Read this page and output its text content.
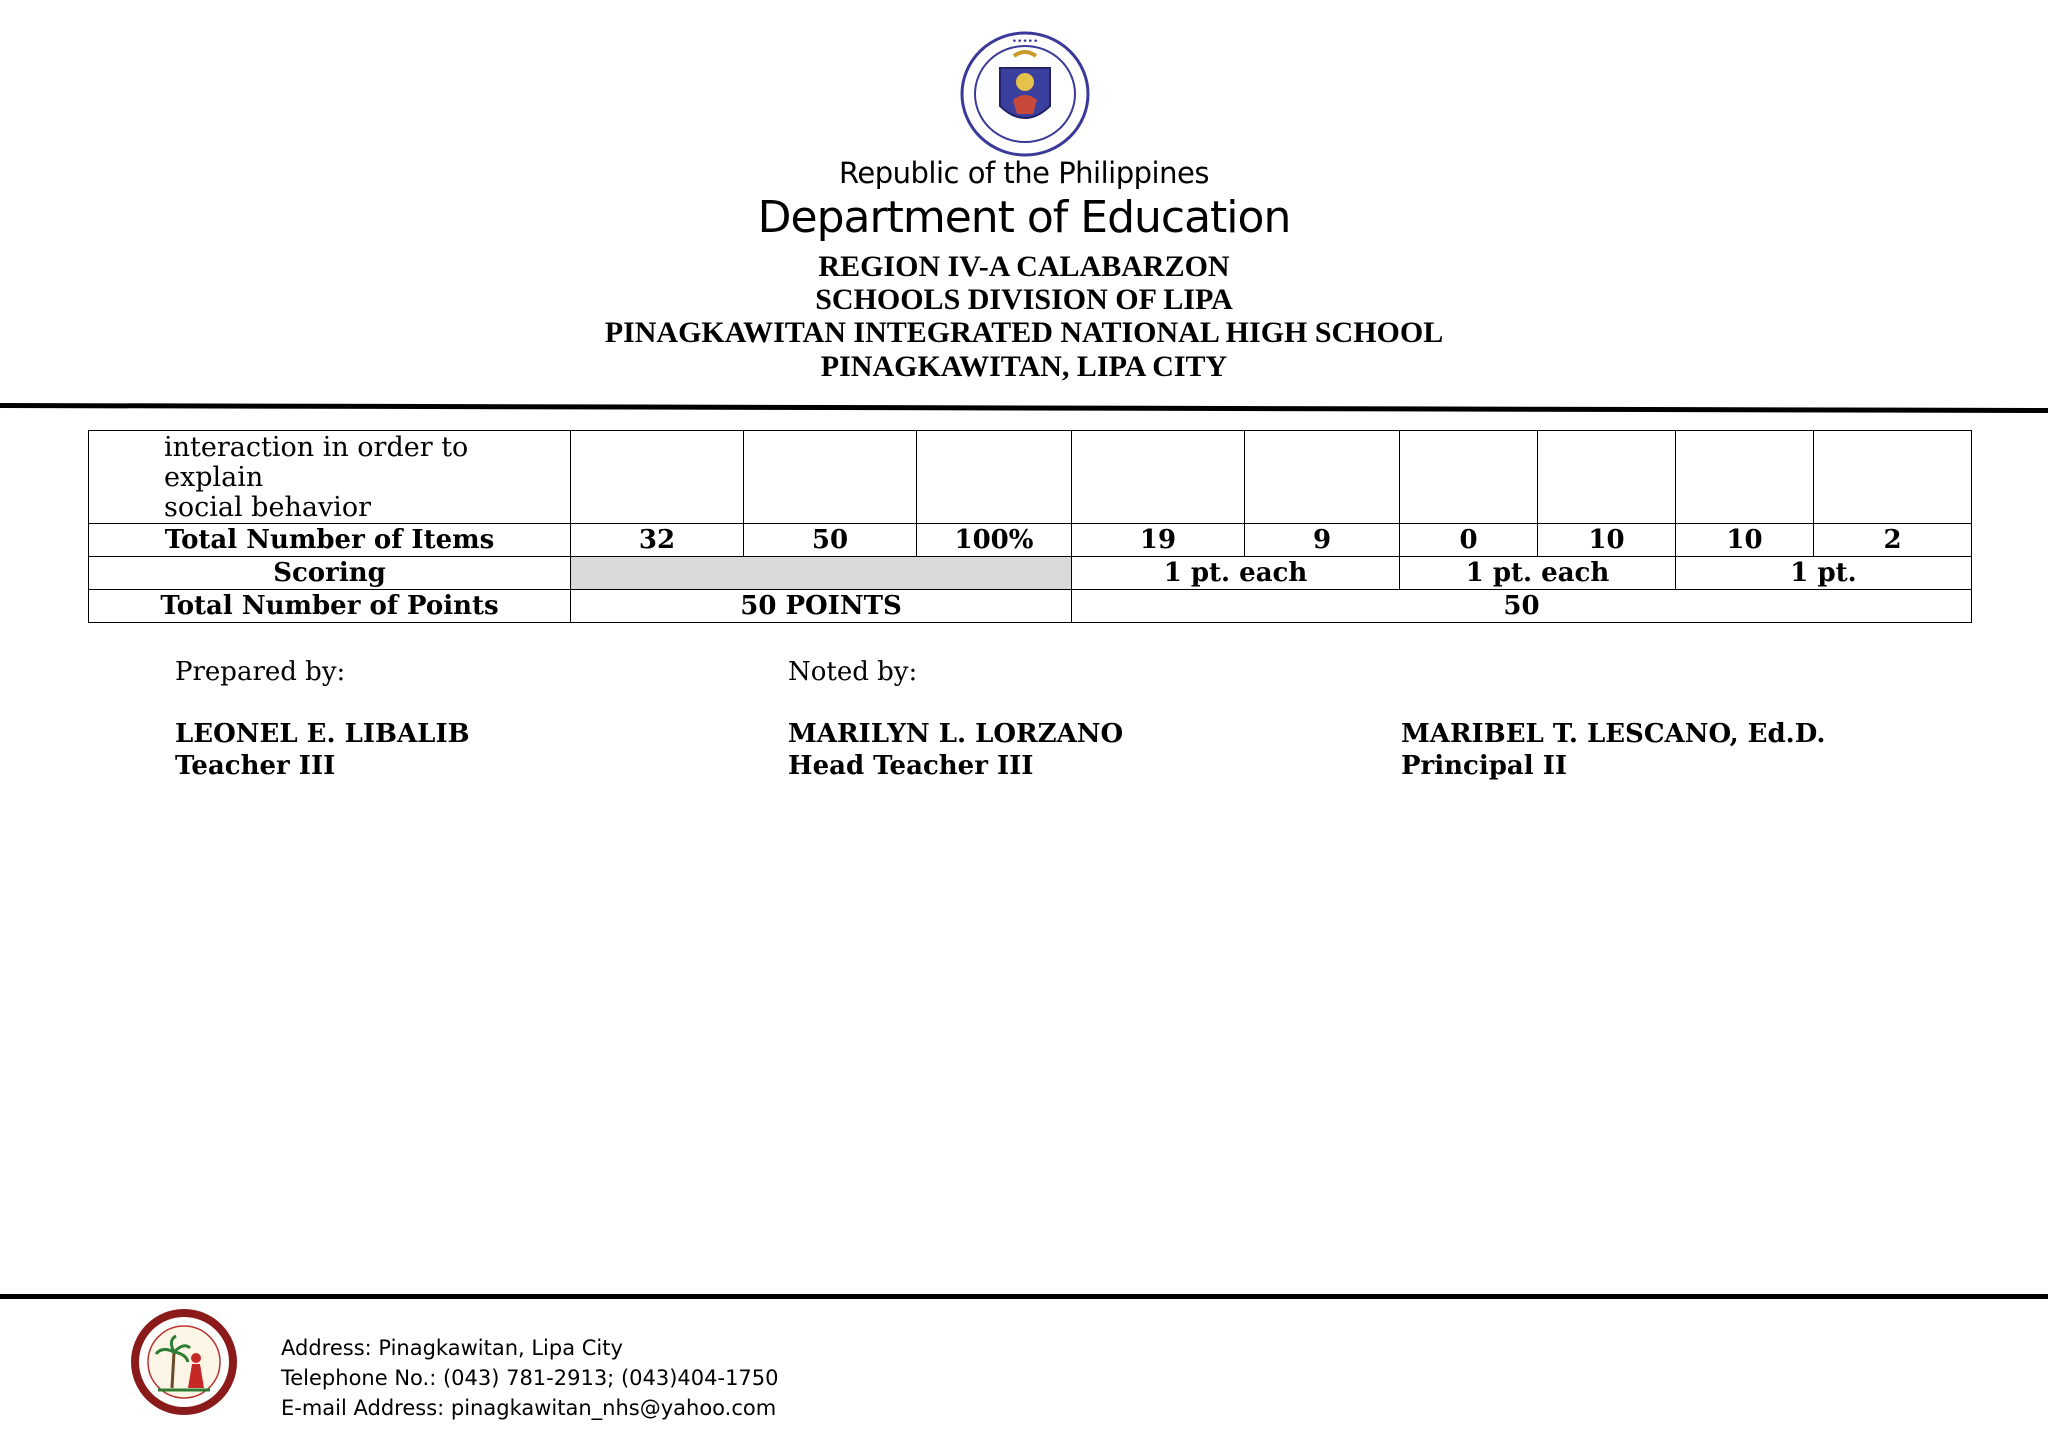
•••••
Republic of the Philippines
Department of Education
REGION IV-A CALABARZON
SCHOOLS DIVISION OF LIPA
PINAGKAWITAN INTEGRATED NATIONAL HIGH SCHOOL
PINAGKAWITAN, LIPA CITY
interaction in order to explain
social behavior									

Total Number of Items	32	50	100%	19	9	0	10	10	2
Scoring				1 pt. each		1 pt. each		1 pt.	
Total Number of Points	50 POINTS			50					
Prepared by:	Noted by:
LEONEL E. LIBALIB
Teacher III
MARILYN L. LORZANO
Head Teacher III
MARIBEL T. LESCANO, Ed.D.
Principal II
Address: Pinagkawitan, Lipa City
Telephone No.: (043) 781-2913; (043)404-1750
E-mail Address: pinagkawitan_nhs@yahoo.com
